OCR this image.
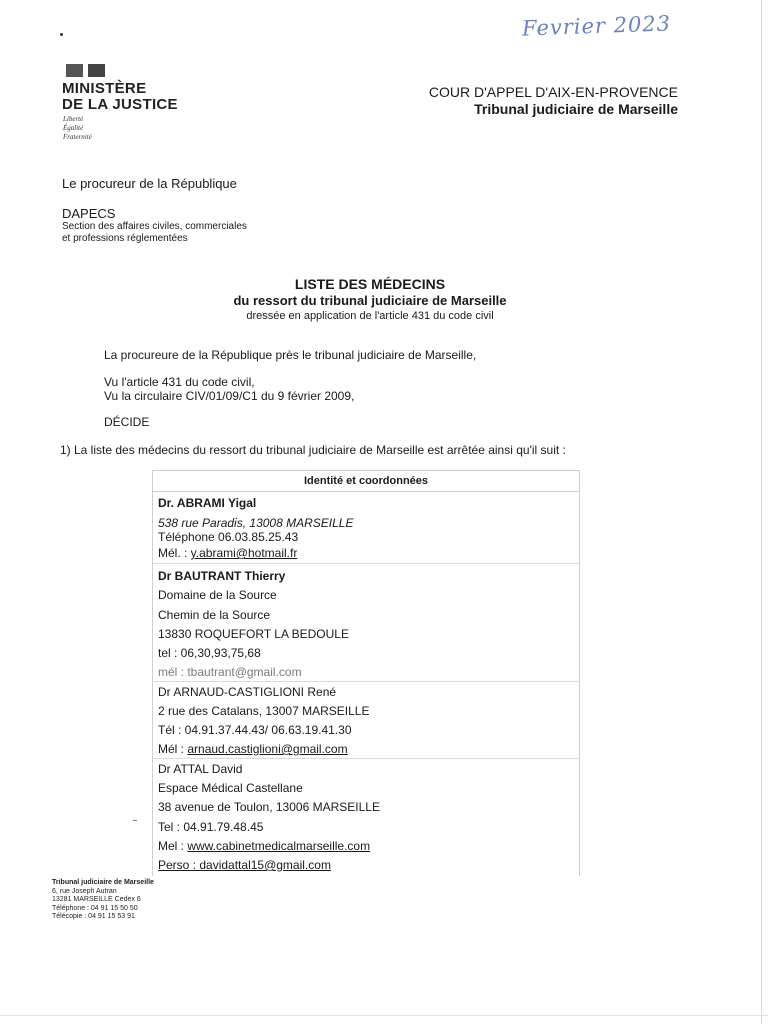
Fevrier 2023
MINISTÈRE
DE LA JUSTICE
Liberté
Égalité
Fraternité
COUR D'APPEL D'AIX-EN-PROVENCE
Tribunal judiciaire de Marseille
Le procureur de la République
DAPECS
Section des affaires civiles, commerciales
et professions réglementées
LISTE DES MÉDECINS
du ressort du tribunal judiciaire de Marseille
dressée en application de l'article 431 du code civil
La procureure de la République près le tribunal judiciaire de Marseille,
Vu l'article 431 du code civil,
Vu la circulaire CIV/01/09/C1 du 9 février 2009,
DÉCIDE
1) La liste des médecins du ressort du tribunal judiciaire de Marseille est arrêtée ainsi qu'il suit :
Identité et coordonnées
Dr. ABRAMI Yigal
538 rue Paradis, 13008 MARSEILLE
Téléphone 06.03.85.25.43
Mél. : y.abrami@hotmail.fr
Dr BAUTRANT Thierry
Domaine de la Source
Chemin de la Source
13830 ROQUEFORT LA BEDOULE
tel : 06,30,93,75,68
mél : tbautrant@gmail.com
Dr ARNAUD-CASTIGLIONI René
2 rue des Catalans, 13007 MARSEILLE
Tél : 04.91.37.44.43/ 06.63.19.41.30
Mél : arnaud.castiglioni@gmail.com
Dr ATTAL David
Espace Médical Castellane
38 avenue de Toulon, 13006 MARSEILLE
Tel : 04.91.79.48.45
Mel : www.cabinetmedicalmarseille.com
Perso : davidattal15@gmail.com
Tribunal judiciaire de Marseille
6, rue Joseph Autran
13281 MARSEILLE Cedex 6
Téléphone : 04 91 15 50 50
Télécopie : 04 91 15 53 91
